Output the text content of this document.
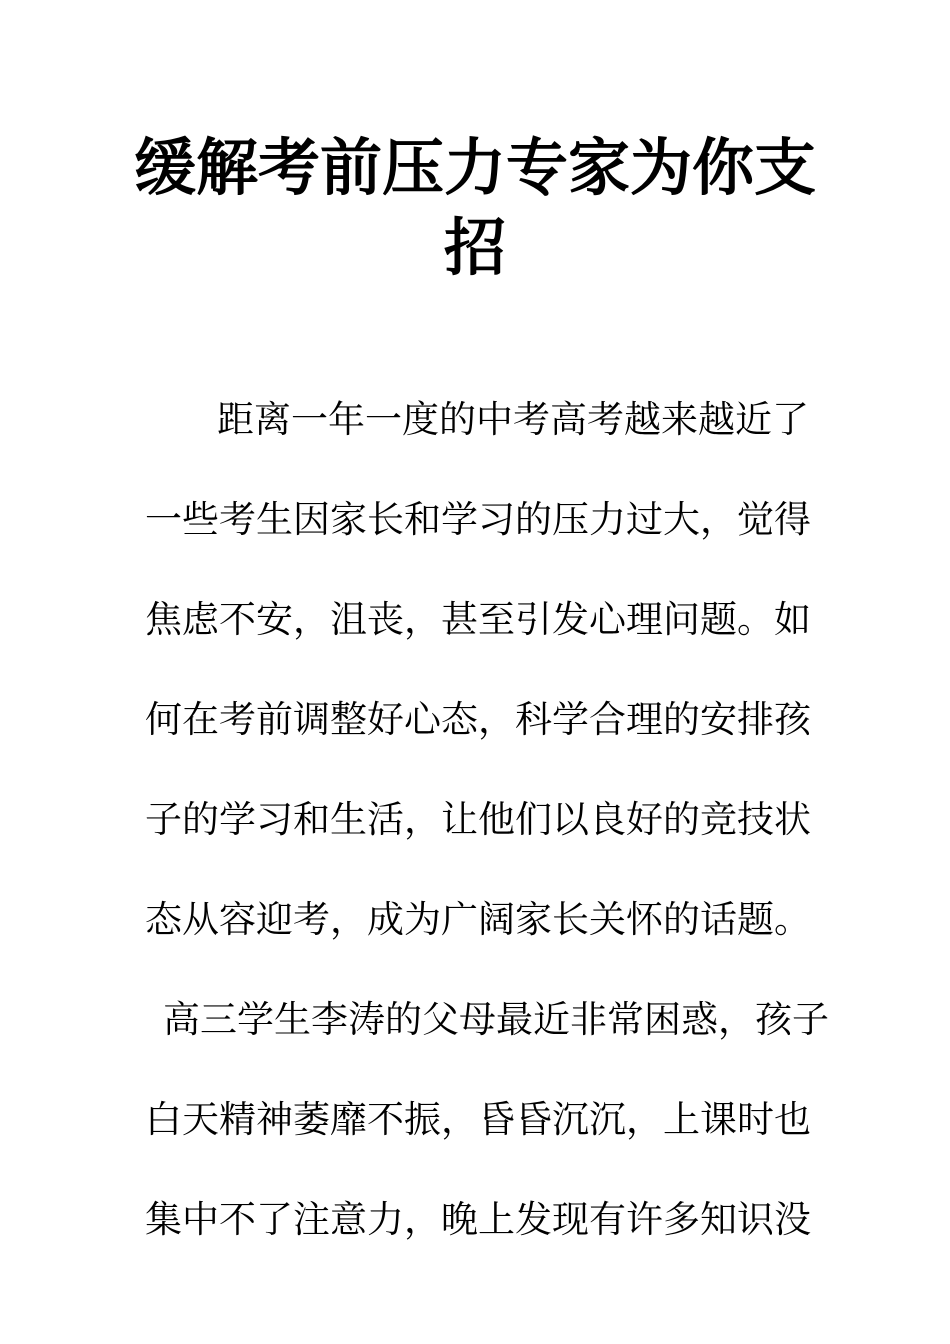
缓解考前压力专家为你支
招
距离一年一度的中考高考越来越近了
一些考生因家长和学习的压力过大，觉得
焦虑不安，沮丧，甚至引发心理问题。如
何在考前调整好心态，科学合理的安排孩
子的学习和生活，让他们以良好的竞技状
态从容迎考，成为广阔家长关怀的话题。
高三学生李涛的父母最近非常困惑，孩子
白天精神萎靡不振，昏昏沉沉，上课时也
集中不了注意力，晚上发现有许多知识没
